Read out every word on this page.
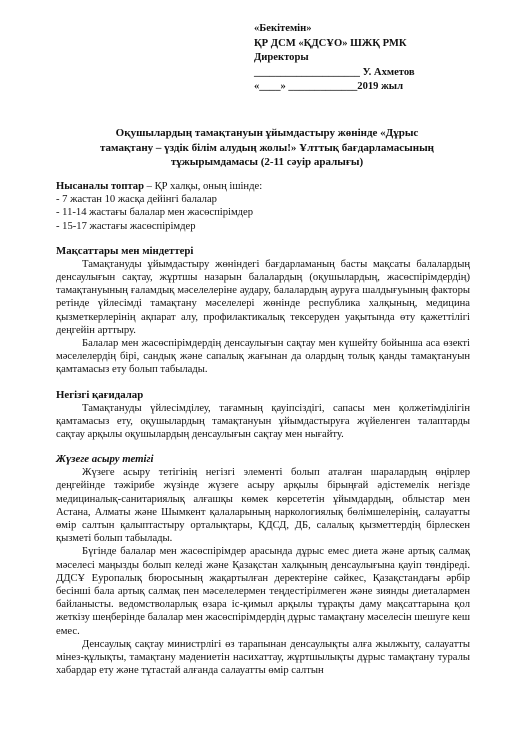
«Бекітемін»
ҚР ДСМ «ҚДСҰО» ШЖҚ РМК
Директоры
____________________ У. Ахметов
«____» _____________2019 жыл
Оқушылардың тамақтануын ұйымдастыру жөнінде «Дұрыс
тамақтану – үздік білім алудың жолы!» Ұлттық бағдарламасының
тұжырымдамасы (2-11 сәуір аралығы)

Нысаналы топтар – ҚР халқы, оның ішінде:

- 7 жастан 10 жасқа дейінгі балалар
- 11-14 жастағы балалар мен жасөспірімдер
- 15-17 жастағы жасөспірімдер
Мақсаттары мен міндеттері

Тамақтануды ұйымдастыру жөніндегі бағдарламаның басты мақсаты балалардың денсаулығын сақтау, жұртшы назарын балалардың (оқушылардың, жасөспірімдердің) тамақтануының ғаламдық мәселелеріне аудару, балалардың ауруға шалдығуының факторы ретінде үйлесімді тамақтану мәселелері жөнінде республика халқының, медицина қызметкерлерінің ақпарат алу, профилактикалық тексеруден уақытында өту қажеттілігі деңгейін арттыру.

Балалар мен жасөспірімдердің денсаулығын сақтау мен күшейту бойынша аса өзекті мәселелердің бірі, сандық және сапалық жағынан да олардың толық қанды тамақтануын қамтамасыз ету болып табылады.

Негізгі қағидалар

Тамақтануды үйлесімділеу, тағамның қауіпсіздігі, сапасы мен қолжетімділігін қамтамасыз ету, оқушылардың тамақтануын ұйымдастыруға жүйеленген талаптарды сақтау арқылы оқушылардың денсаулығын сақтау мен нығайту.

Жүзеге асыру тетігі

Жүзеге асыру тетігінің негізгі элементі болып аталған шаралардың өңірлер деңгейінде тәжірибе жүзінде жүзеге асыру арқылы бірыңғай әдістемелік негізде медициналық-санитариялық алғашқы көмек көрсететін ұйымдардың, облыстар мен Астана, Алматы және Шымкент қалаларының наркологиялық бөлімшелерінің, салауатты өмір салтын қалыптастыру орталықтары, ҚДСД, ДБ, салалық қызметтердің бірлескен қызметі болып табылады.

Бүгінде балалар мен жасөспірімдер арасында дұрыс емес диета және артық салмақ мәселесі маңызды болып келеді және Қазақстан халқының денсаулығына қауіп төндіреді. ДДСҰ Еуропалық бюросының жақартылған деректеріне сәйкес, Қазақстандағы әрбір бесінші бала артық салмақ пен мәселелермен теңдестірілмеген және зиянды диеталармен байланысты. ведомстволарлық өзара іс-қимыл арқылы тұрақты даму мақсаттарына қол жеткізу шеңберінде балалар мен жасөспірімдердің дұрыс тамақтану мәселесін шешуге кеш емес.

Денсаулық сақтау министрлігі өз тарапынан денсаулықты алға жылжыту, салауатты мінез-құлықты, тамақтану мәдениетін насихаттау, жұртшылықты дұрыс тамақтану туралы хабардар ету және тұтастай алғанда салауатты өмір салтын
